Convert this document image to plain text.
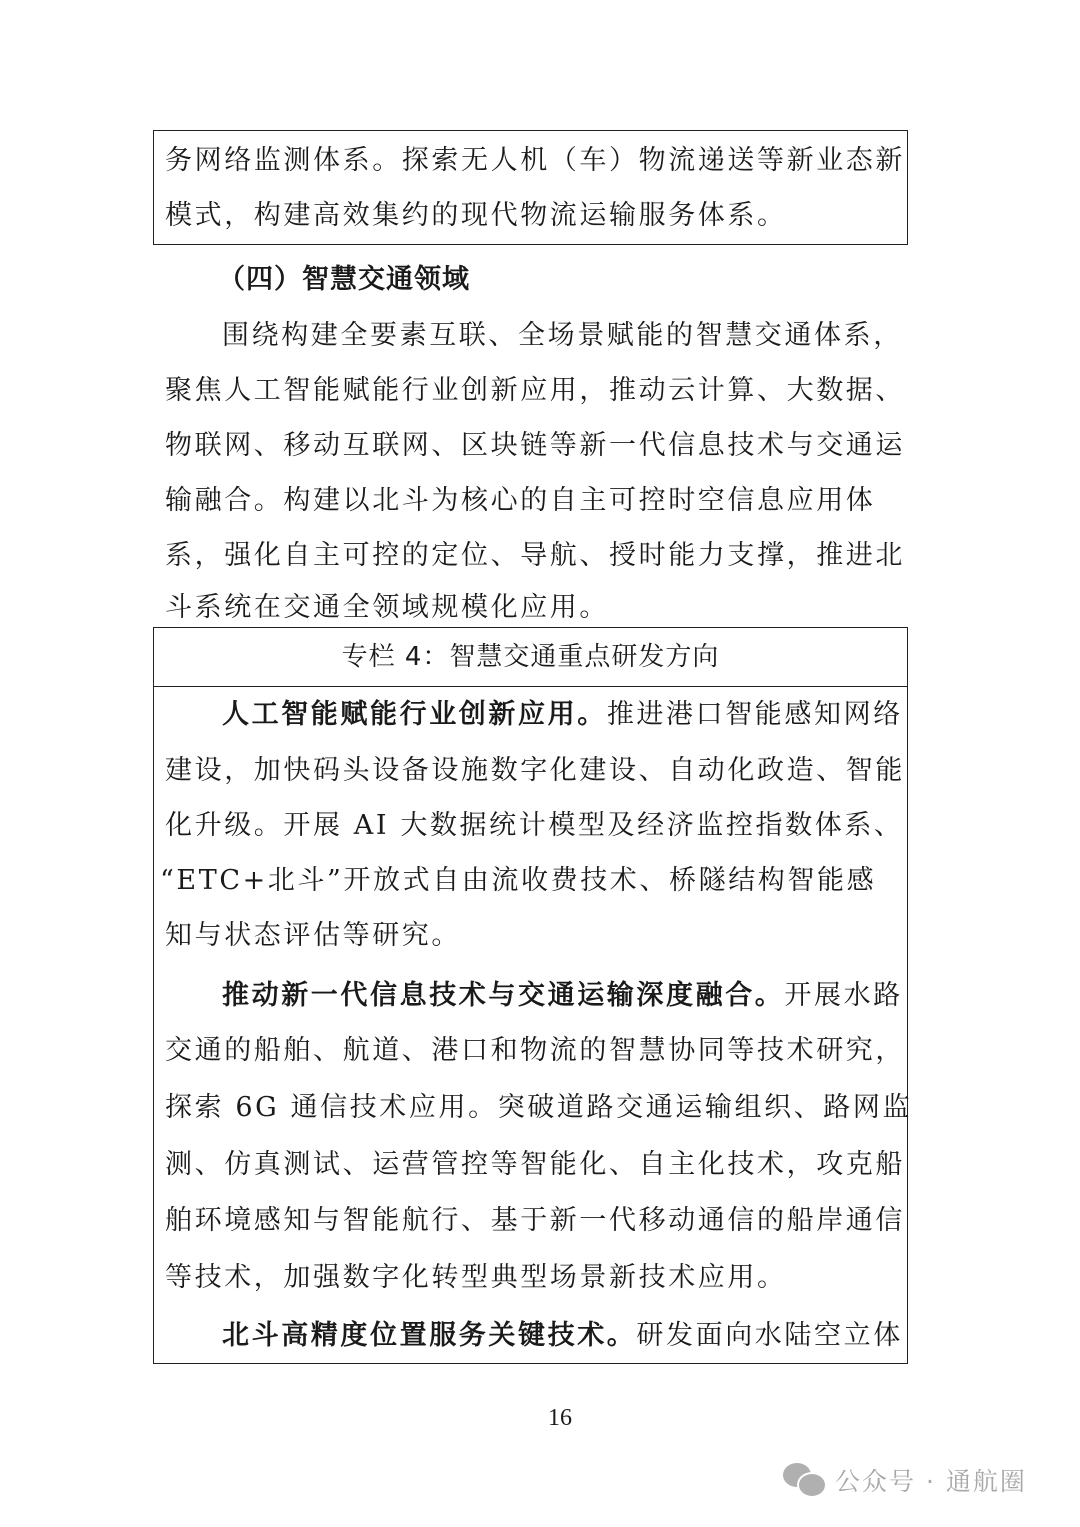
务网络监测体系。探索无人机（车）物流递送等新业态新
模式，构建高效集约的现代物流运输服务体系。
（四）智慧交通领域
围绕构建全要素互联、全场景赋能的智慧交通体系，
聚焦人工智能赋能行业创新应用，推动云计算、大数据、
物联网、移动互联网、区块链等新一代信息技术与交通运
输融合。构建以北斗为核心的自主可控时空信息应用体
系，强化自主可控的定位、导航、授时能力支撑，推进北
斗系统在交通全领域规模化应用。
专栏 4：智慧交通重点研发方向
人工智能赋能行业创新应用。推进港口智能感知网络
建设，加快码头设备设施数字化建设、自动化政造、智能
化升级。开展 AI 大数据统计模型及经济监控指数体系、
“ETC+北斗”开放式自由流收费技术、桥隧结构智能感
知与状态评估等研究。
推动新一代信息技术与交通运输深度融合。开展水路
交通的船舶、航道、港口和物流的智慧协同等技术研究，
探索 6G 通信技术应用。突破道路交通运输组织、路网监
测、仿真测试、运营管控等智能化、自主化技术，攻克船
舶环境感知与智能航行、基于新一代移动通信的船岸通信
等技术，加强数字化转型典型场景新技术应用。
北斗高精度位置服务关键技术。研发面向水陆空立体
16
公众号 · 通航圈
